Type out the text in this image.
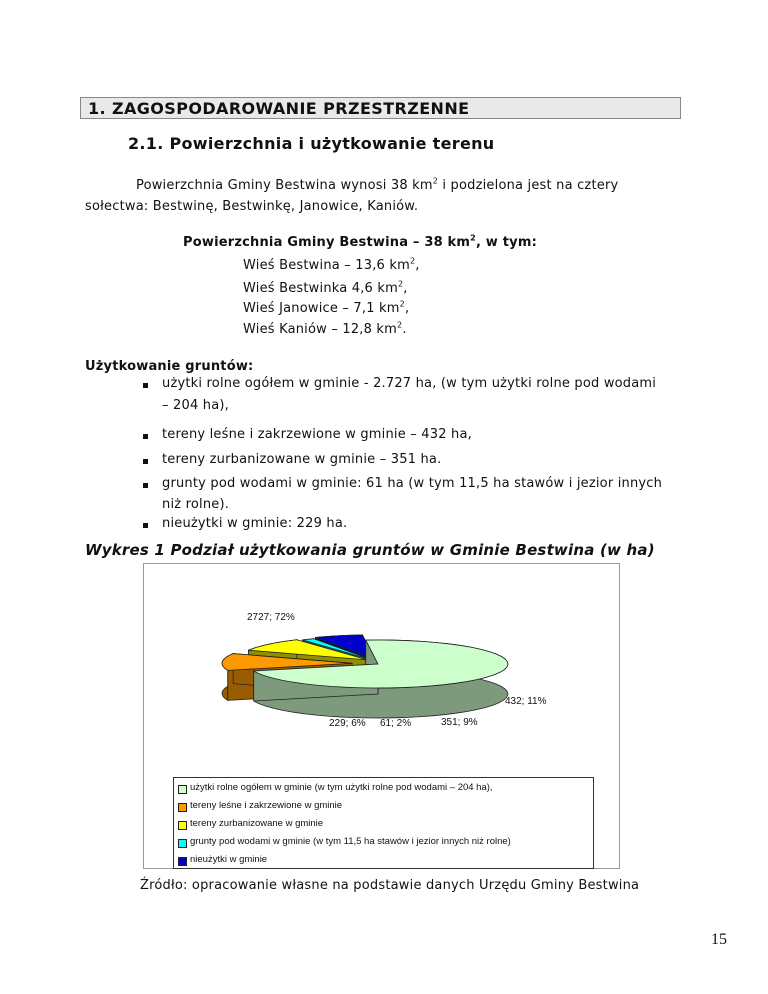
1. ZAGOSPODAROWANIE PRZESTRZENNE
2.1. Powierzchnia i użytkowanie terenu
Powierzchnia Gminy Bestwina wynosi 38 $km^2$ i podzielona jest na cztery
sołectwa: Bestwinę, Bestwinkę, Janowice, Kaniów.
Powierzchnia Gminy Bestwina – 38 $km^2$, w tym:
Wieś Bestwina – 13,6 $km^2$,
Wieś Bestwinka 4,6 $km^2$,
Wieś Janowice – 7,1 $km^2$,
Wieś Kaniów – 12,8 $km^2$.
Użytkowanie gruntów:
użytki rolne ogółem w gminie - 2.727 ha, (w tym użytki rolne pod wodami
– 204 ha),
tereny leśne i zakrzewione w gminie – 432 ha,
tereny zurbanizowane w gminie – 351 ha.
grunty pod wodami w gminie: 61 ha (w tym 11,5 ha stawów i jezior innych
niż rolne).
nieużytki w gminie: 229 ha.
Wykres 1 Podział użytkowania gruntów w Gminie Bestwina (w ha)
2727; 72%
432; 11%
351; 9%
61; 2%
229; 6%
użytki rolne ogółem w gminie (w tym użytki rolne pod wodami – 204 ha),
tereny leśne i zakrzewione w gminie
tereny zurbanizowane w gminie
grunty pod wodami w gminie (w tym 11,5 ha stawów i jezior innych niż rolne)
nieużytki w gminie
Źródło: opracowanie własne na podstawie danych Urzędu Gminy Bestwina
15
